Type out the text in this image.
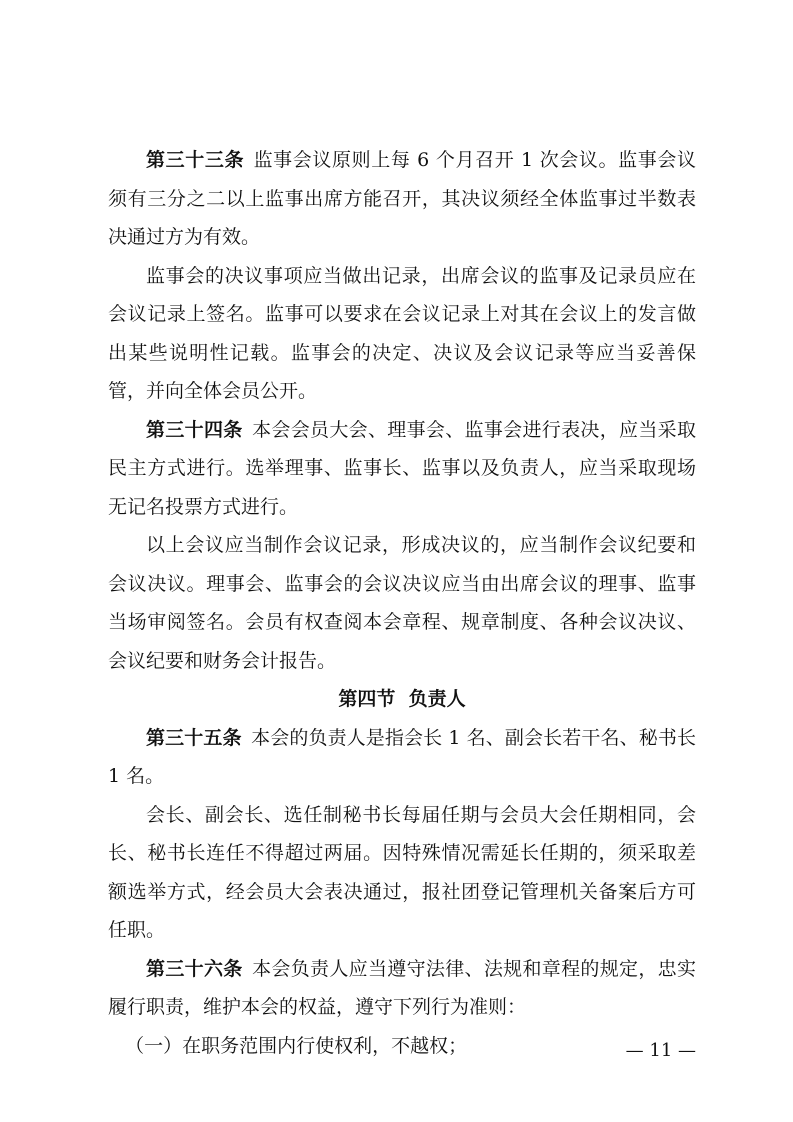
第三十三条 监事会议原则上每 6 个月召开 1 次会议。监事会议须有三分之二以上监事出席方能召开，其决议须经全体监事过半数表决通过方为有效。

监事会的决议事项应当做出记录，出席会议的监事及记录员应在会议记录上签名。监事可以要求在会议记录上对其在会议上的发言做出某些说明性记载。监事会的决定、决议及会议记录等应当妥善保管，并向全体会员公开。

第三十四条 本会会员大会、理事会、监事会进行表决，应当采取民主方式进行。选举理事、监事长、监事以及负责人，应当采取现场无记名投票方式进行。

以上会议应当制作会议记录，形成决议的，应当制作会议纪要和会议决议。理事会、监事会的会议决议应当由出席会议的理事、监事当场审阅签名。会员有权查阅本会章程、规章制度、各种会议决议、会议纪要和财务会计报告。

第四节  负责人

第三十五条 本会的负责人是指会长 1 名、副会长若干名、秘书长 1 名。

会长、副会长、选任制秘书长每届任期与会员大会任期相同，会长、秘书长连任不得超过两届。因特殊情况需延长任期的，须采取差额选举方式，经会员大会表决通过，报社团登记管理机关备案后方可任职。

第三十六条 本会负责人应当遵守法律、法规和章程的规定，忠实履行职责，维护本会的权益，遵守下列行为准则：

（一）在职务范围内行使权利，不越权；	— 11 —
